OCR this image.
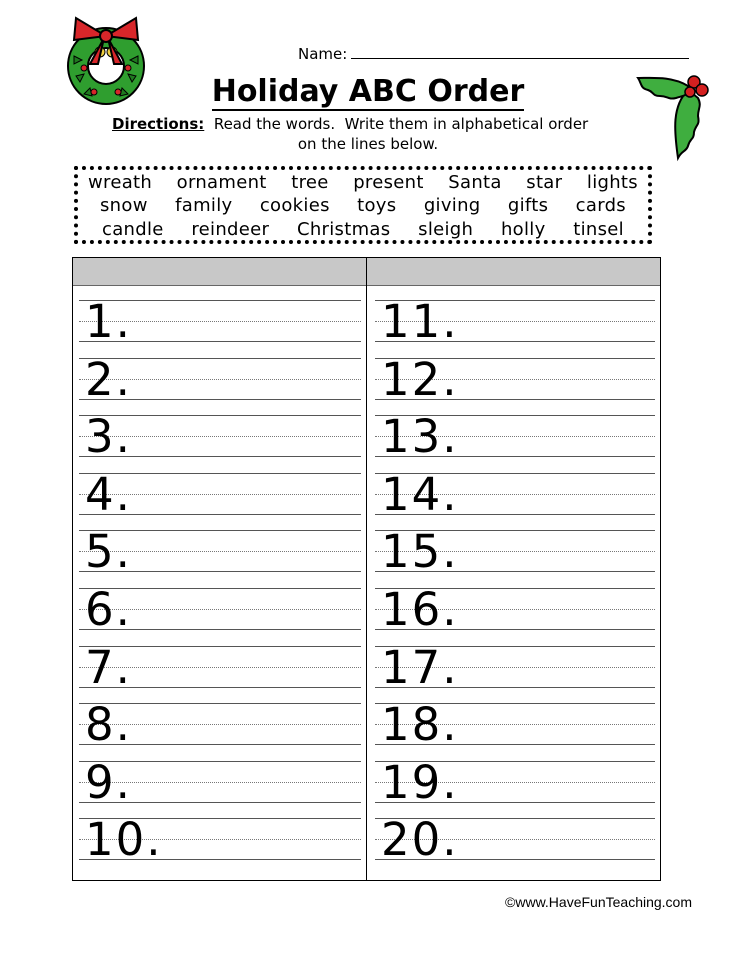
Name:
Holiday ABC Order
Directions: Read the words.  Write them in alphabetical order
on the lines below.
wreath ornament tree present Santa star lights
snow family cookies toys giving gifts cards
candle reindeer Christmas sleigh holly tinsel
1.
2.
3.
4.
5.
6.
7.
8.
9.
10.
11.
12.
13.
14.
15.
16.
17.
18.
19.
20.
©www.HaveFunTeaching.com
